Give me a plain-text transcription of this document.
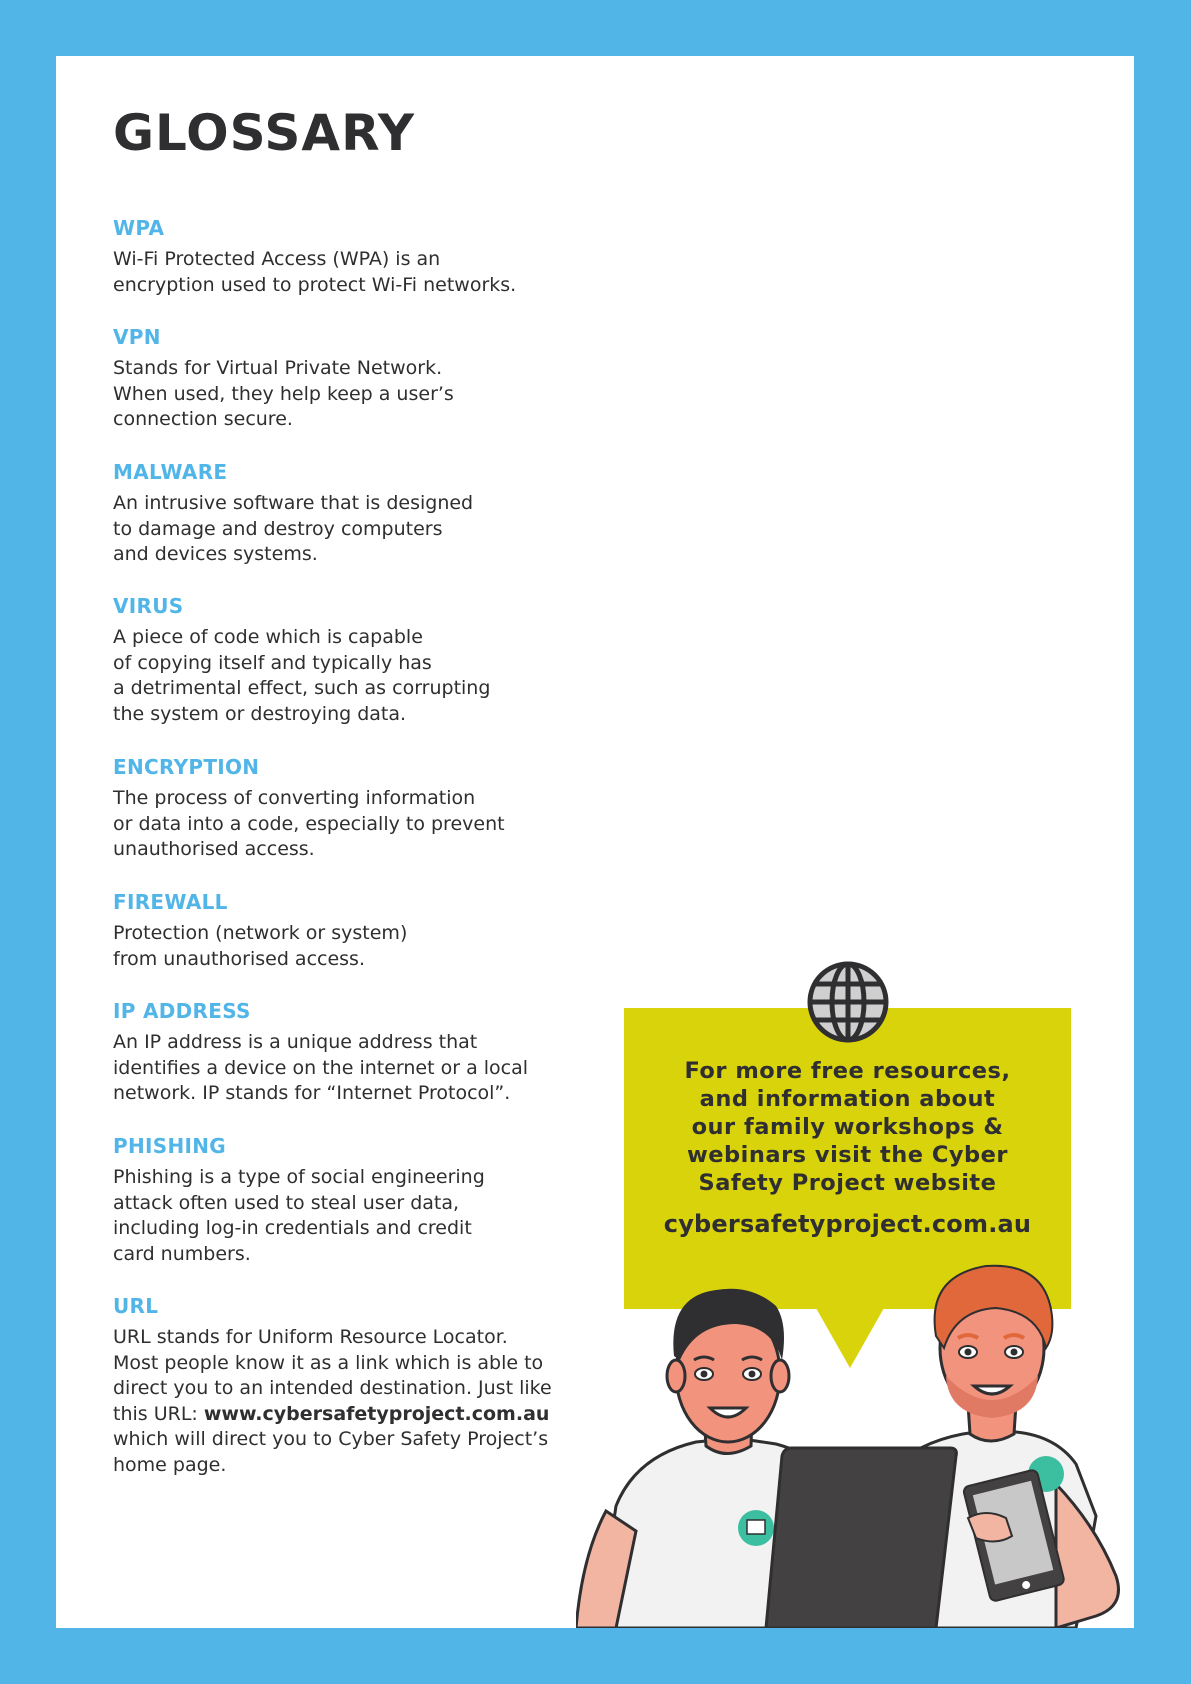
GLOSSARY
WPA

Wi-Fi Protected Access (WPA) is an
encryption used to protect Wi-Fi networks.

VPN

Stands for Virtual Private Network.
When used, they help keep a user’s
connection secure.

MALWARE

An intrusive software that is designed
to damage and destroy computers
and devices systems.

VIRUS

A piece of code which is capable
of copying itself and typically has
a detrimental effect, such as corrupting
the system or destroying data.

ENCRYPTION

The process of converting information
or data into a code, especially to prevent
unauthorised access.

FIREWALL

Protection (network or system)
from unauthorised access.

IP ADDRESS

An IP address is a unique address that
identifies a device on the internet or a local
network. IP stands for “Internet Protocol”.

PHISHING

Phishing is a type of social engineering
attack often used to steal user data,
including log-in credentials and credit
card numbers.

URL

URL stands for Uniform Resource Locator.
Most people know it as a link which is able to
direct you to an intended destination. Just like
this URL: www.cybersafetyproject.com.au
which will direct you to Cyber Safety Project’s
home page.

For more free resources,
and information about
our family workshops &
webinars visit the Cyber
Safety Project website

cybersafetyproject.com.au
